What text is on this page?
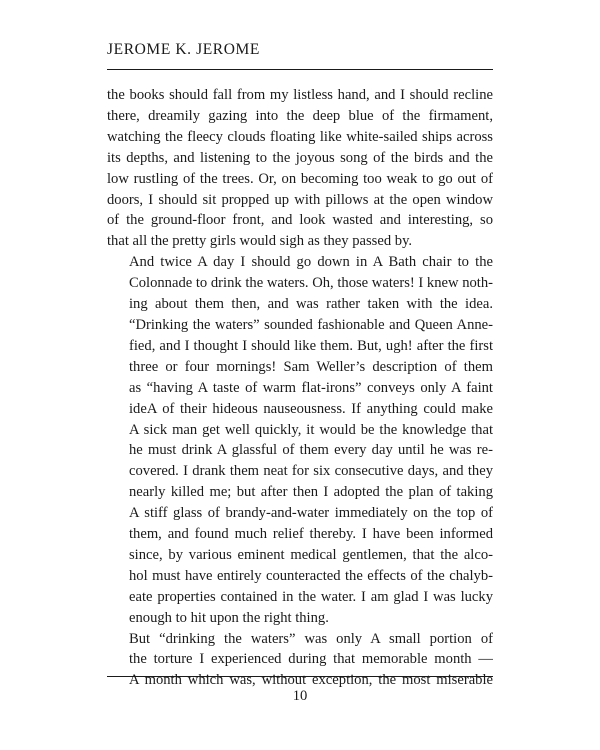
JEROME K. JEROME

the books should fall from my listless hand, and I should recline
there, dreamily gazing into the deep blue of the firmament,
watching the fleecy clouds floating like white-sailed ships across
its depths, and listening to the joyous song of the birds and the
low rustling of the trees. Or, on becoming too weak to go out of
doors, I should sit propped up with pillows at the open window
of the ground-floor front, and look wasted and interesting, so
that all the pretty girls would sigh as they passed by.

And twice A day I should go down in A Bath chair to the
Colonnade to drink the waters. Oh, those waters! I knew noth-
ing about them then, and was rather taken with the idea.
“Drinking the waters” sounded fashionable and Queen Anne-
fied, and I thought I should like them. But, ugh! after the first
three or four mornings! Sam Weller’s description of them
as “having A taste of warm flat-irons” conveys only A faint
ideA of their hideous nauseousness. If anything could make
A sick man get well quickly, it would be the knowledge that
he must drink A glassful of them every day until he was re-
covered. I drank them neat for six consecutive days, and they
nearly killed me; but after then I adopted the plan of taking
A stiff glass of brandy-and-water immediately on the top of
them, and found much relief thereby. I have been informed
since, by various eminent medical gentlemen, that the alco-
hol must have entirely counteracted the effects of the chalyb-
eate properties contained in the water. I am glad I was lucky
enough to hit upon the right thing.

But “drinking the waters” was only A small portion of
the torture I experienced during that memorable month —
A month which was, without exception, the most miserable

10
